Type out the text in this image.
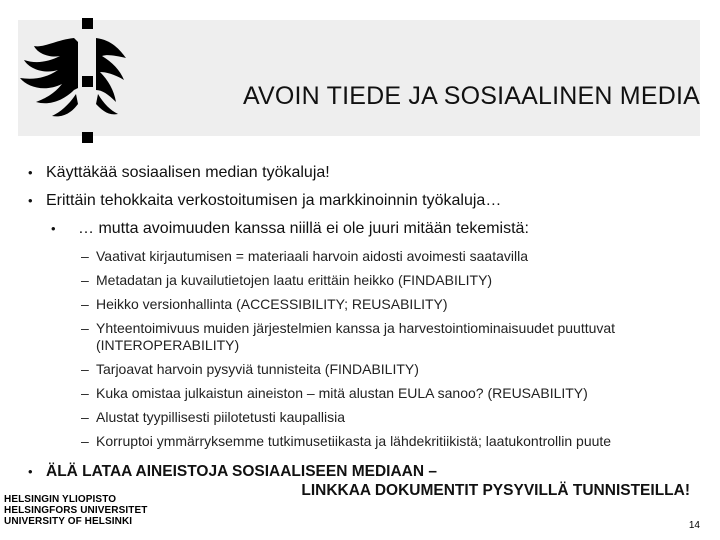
AVOIN TIEDE JA SOSIAALINEN MEDIA
• Käyttäkää sosiaalisen median työkaluja!
• Erittäin tehokkaita verkostoitumisen ja markkinoinnin työkaluja…
• … mutta avoimuuden kanssa niillä ei ole juuri mitään tekemistä:
– Vaativat kirjautumisen = materiaali harvoin aidosti avoimesti saatavilla
– Metadatan ja kuvailutietojen laatu erittäin heikko (FINDABILITY)
– Heikko versionhallinta (ACCESSIBILITY; REUSABILITY)
– Yhteentoimivuus muiden järjestelmien kanssa ja harvestointiominaisuudet puuttuvat
(INTEROPERABILITY)
– Tarjoavat harvoin pysyviä tunnisteita (FINDABILITY)
– Kuka omistaa julkaistun aineiston – mitä alustan EULA sanoo? (REUSABILITY)
– Alustat tyypillisesti piilotetusti kaupallisia
– Korruptoi ymmärryksemme tutkimusetiikasta ja lähdekritiikistä; laatukontrollin puute
• ÄLÄ LATAA AINEISTOJA SOSIAALISEEN MEDIAAN –
LINKKAA DOKUMENTIT PYSYVILLÄ TUNNISTEILLA!
HELSINGIN YLIOPISTO
HELSINGFORS UNIVERSITET
UNIVERSITY OF HELSINKI	14
